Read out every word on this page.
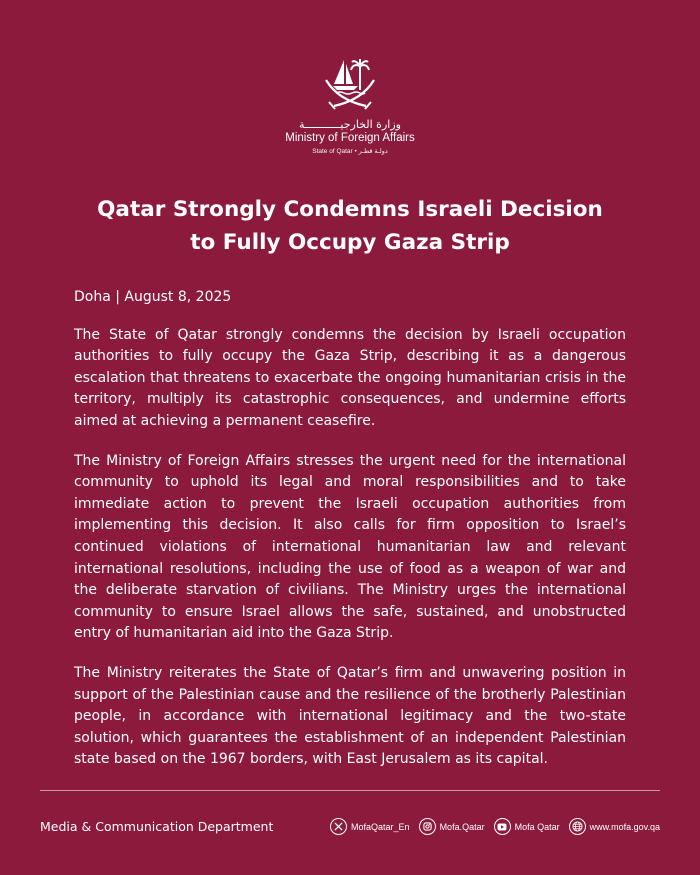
وزارة الخارجيـــــــــــة
Ministry of Foreign Affairs
State of Qatar • دولـة قطـر
Qatar Strongly Condemns Israeli Decision
to Fully Occupy Gaza Strip

Doha | August 8, 2025

The State of Qatar strongly condemns the decision by Israeli occupation authorities to fully occupy the Gaza Strip, describing it as a dangerous escalation that threatens to exacerbate the ongoing humanitarian crisis in the territory, multiply its catastrophic consequences, and undermine efforts aimed at achieving a permanent ceasefire.

The Ministry of Foreign Affairs stresses the urgent need for the international community to uphold its legal and moral responsibilities and to take immediate action to prevent the Israeli occupation authorities from implementing this decision. It also calls for firm opposition to Israel’s continued violations of international humanitarian law and relevant international resolutions, including the use of food as a weapon of war and the deliberate starvation of civilians. The Ministry urges the international community to ensure Israel allows the safe, sustained, and unobstructed entry of humanitarian aid into the Gaza Strip.

The Ministry reiterates the State of Qatar’s firm and unwavering position in support of the Palestinian cause and the resilience of the brotherly Palestinian people, in accordance with international legitimacy and the two-state solution, which guarantees the establishment of an independent Palestinian state based on the 1967 borders, with East Jerusalem as its capital.

Media & Communication Department	MofaQatar_En	Mofa.Qatar	Mofa Qatar	www.mofa.gov.qa
